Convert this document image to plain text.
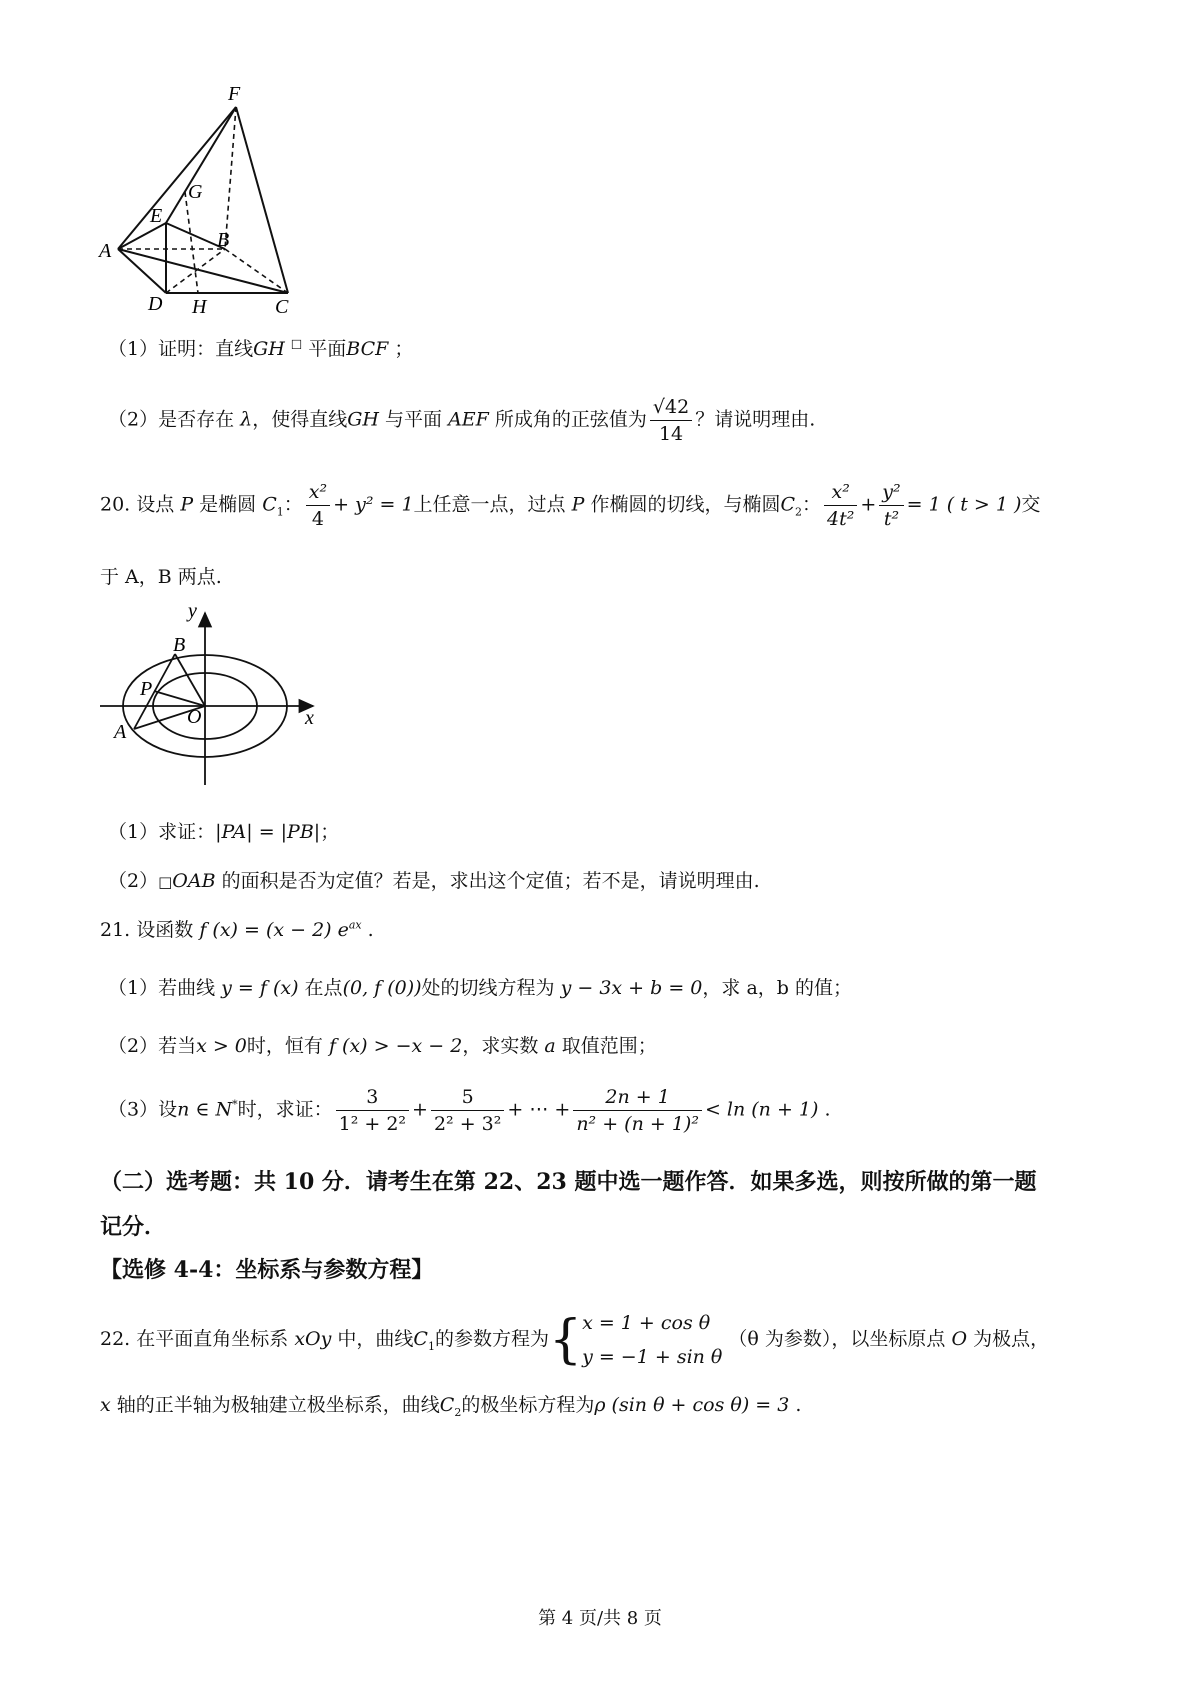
F
G
E
A	B
D H	C
（1）证明：直线GH □ 平面BCF ；
（2）是否存在 λ，使得直线GH 与平面 AEF 所成角的正弦值为 $\frac{√42}{14}$ ？请说明理由.
20. 设点 P 是椭圆 $C_1$： $\frac{\text{x²}}{4} + y^2 = 1$上任意一点，过点 P 作椭圆的切线，与椭圆$C_2$： $\frac{\text{x²}}{\text{4t²}} + \frac{\text{y²}}{\text{t²}} = 1$ ( t > 1 )交
于 A，B 两点.
y
x
B
P
O
A
（1）求证：|PA| = |PB|；
（2）□OAB 的面积是否为定值？若是，求出这个定值；若不是，请说明理由.
21. 设函数 f (x) = (x − 2) $e^{ax}$ .
（1）若曲线 y = f (x) 在点(0, f (0))处的切线方程为 y − 3x + b = 0，求 a，b 的值；
（2）若当x > 0时，恒有 f (x) > −x − 2，求实数 a 取值范围；
（3）设n ∈ N*时，求证： $\frac{3}{\text{1² + 2²}} + \frac{5}{\text{2² + 3²}}$ + ⋯ + $\frac{2n + 1}{\text{n² + (n + 1)²}} < \ln (n + 1)$ .
（二）选考题：共 10 分．请考生在第 22、23 题中选一题作答．如果多选，则按所做的第一题
记分．
【选修 4-4：坐标系与参数方程】
22. 在平面直角坐标系 xOy 中，曲线$C_1$的参数方程为{ x = 1 + cos θ
y = −1 + sin θ
（θ 为参数），以坐标原点 O 为极点，
x 轴的正半轴为极轴建立极坐标系，曲线$C_2$的极坐标方程为ρ (sin θ + cos θ) = 3 .
第 4 页/共 8 页
